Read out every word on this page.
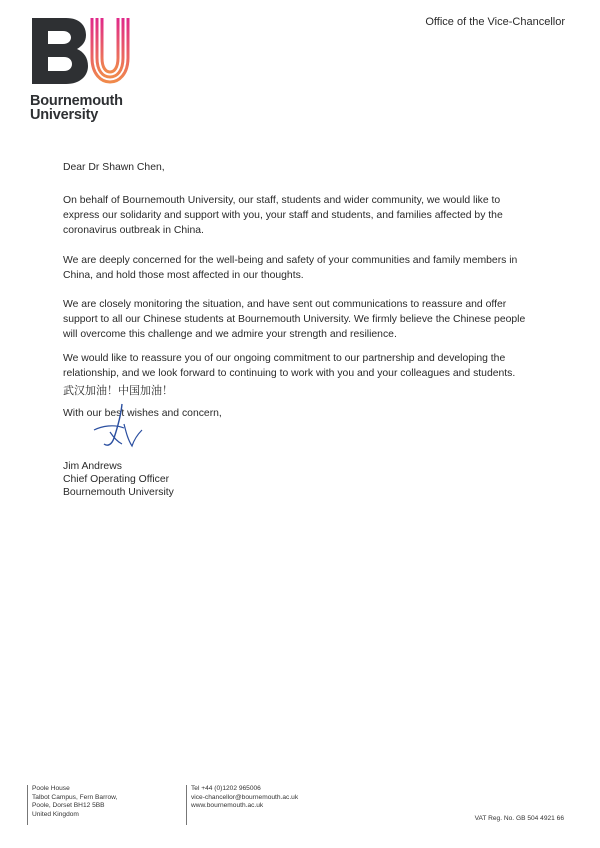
Bournemouth
University
Office of the Vice-Chancellor
Dear Dr Shawn Chen,

On behalf of Bournemouth University, our staff, students and wider community, we would like to express our solidarity and support with you, your staff and students, and families affected by the coronavirus outbreak in China.

We are deeply concerned for the well-being and safety of your communities and family members in China, and hold those most affected in our thoughts.

We are closely monitoring the situation, and have sent out communications to reassure and offer support to all our Chinese students at Bournemouth University. We firmly believe the Chinese people will overcome this challenge and we admire your strength and resilience.

We would like to reassure you of our ongoing commitment to our partnership and developing the relationship, and we look forward to continuing to work with you and your colleagues and students.

武汉加油！中国加油！
With our best wishes and concern,
Jim Andrews
Chief Operating Officer
Bournemouth University
Poole House
Talbot Campus, Fern Barrow,
Poole, Dorset BH12 5BB
United Kingdom
Tel +44 (0)1202 965006
vice-chancellor@bournemouth.ac.uk
www.bournemouth.ac.uk
VAT Reg. No. GB 504 4921 66
